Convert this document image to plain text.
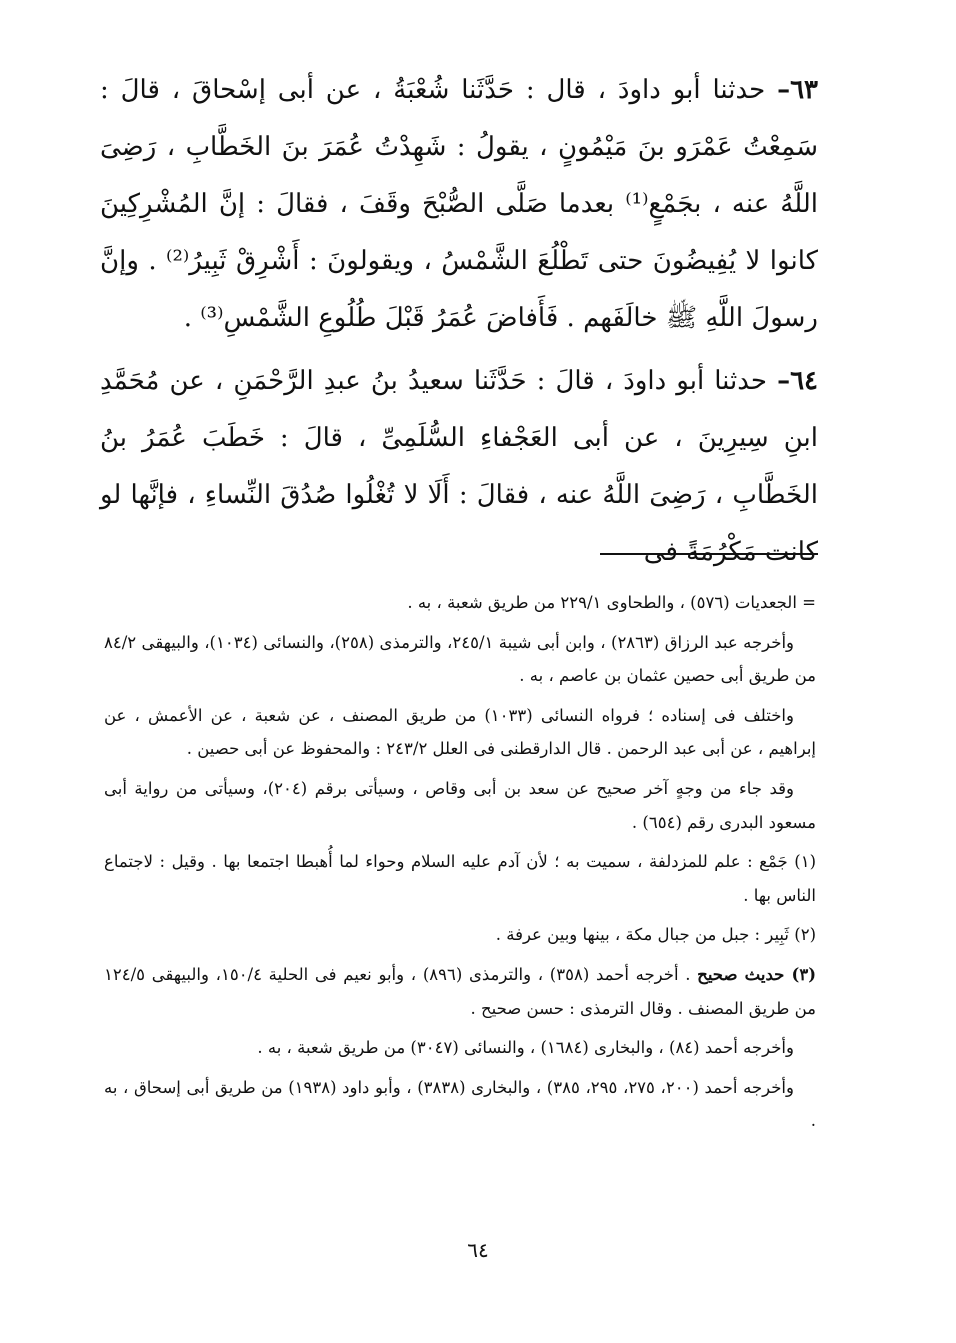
٦٣– حدثنا أبو داودَ ، قال : حَدَّثَنا شُعْبَةُ ، عن أبى إسْحاقَ ، قالَ : سَمِعْتُ عَمْرَو بنَ مَيْمُونٍ ، يقولُ : شَهِدْتُ عُمَرَ بنَ الخَطَّابِ ، رَضِىَ اللَّهُ عنه ، بجَمْعٍ⁽¹⁾ بعدما صَلَّى الصُّبْحَ وقَفَ ، فقالَ : إنَّ المُشْرِكِينَ كانوا لا يُفِيضُونَ حتى تَطْلُعَ الشَّمْسُ ، ويقولونَ : أَشْرِقْ ثَبِيرُ⁽²⁾ . وإنَّ رسولَ اللَّهِ ﷺ خالَفَهم . فَأَفاضَ عُمَرُ قَبْلَ طُلُوعِ الشَّمْسِ⁽³⁾ .

٦٤– حدثنا أبو داودَ ، قالَ : حَدَّثَنا سعيدُ بنُ عبدِ الرَّحْمَنِ ، عن مُحَمَّدِ ابنِ سِيرِينَ ، عن أبى العَجْفاءِ السُّلَمِىِّ ، قالَ : خَطَبَ عُمَرُ بنُ الخَطَّابِ ، رَضِىَ اللَّهُ عنه ، فقالَ : أَلَا لا تُغْلُوا صُدُقَ النِّساءِ ، فإنَّها لو كانت مَكْرُمَةً فى

= الجعديات (٥٧٦) ، والطحاوى ٢٢٩/١ من طريق شعبة ، به .

وأخرجه عبد الرزاق (٢٨٦٣) ، وابن أبى شيبة ٢٤٥/١، والترمذى (٢٥٨)، والنسائى (١٠٣٤)، والبيهقى ٨٤/٢ من طريق أبى حصين عثمان بن عاصم ، به .

واختلف فى إسناده ؛ فرواه النسائى (١٠٣٣) من طريق المصنف ، عن شعبة ، عن الأعمش ، عن إبراهيم ، عن أبى عبد الرحمن . قال الدارقطنى فى العلل ٢٤٣/٢ : والمحفوظ عن أبى حصين .

وقد جاء من وجهٍ آخر صحيح عن سعد بن أبى وقاص ، وسيأتى برقم (٢٠٤)، وسيأتى من رواية أبى مسعود البدرى رقم (٦٥٤) .

(١) جَمْع : علم للمزدلفة ، سميت به ؛ لأن آدم عليه السلام وحواء لما أُهبطا اجتمعا بها . وقيل : لاجتماع الناس بها .

(٢) ثَبِير : جبل من جبال مكة ، بينها وبين عرفة .

(٣) حديث صحيح . أخرجه أحمد (٣٥٨) ، والترمذى (٨٩٦) ، وأبو نعيم فى الحلية ١٥٠/٤، والبيهقى ١٢٤/٥ من طريق المصنف . وقال الترمذى : حسن صحيح .

وأخرجه أحمد (٨٤) ، والبخارى (١٦٨٤) ، والنسائى (٣٠٤٧) من طريق شعبة ، به .

وأخرجه أحمد (٢٠٠، ٢٧٥، ٢٩٥، ٣٨٥) ، والبخارى (٣٨٣٨) ، وأبو داود (١٩٣٨) من طريق أبى إسحاق ، به .

٦٤
